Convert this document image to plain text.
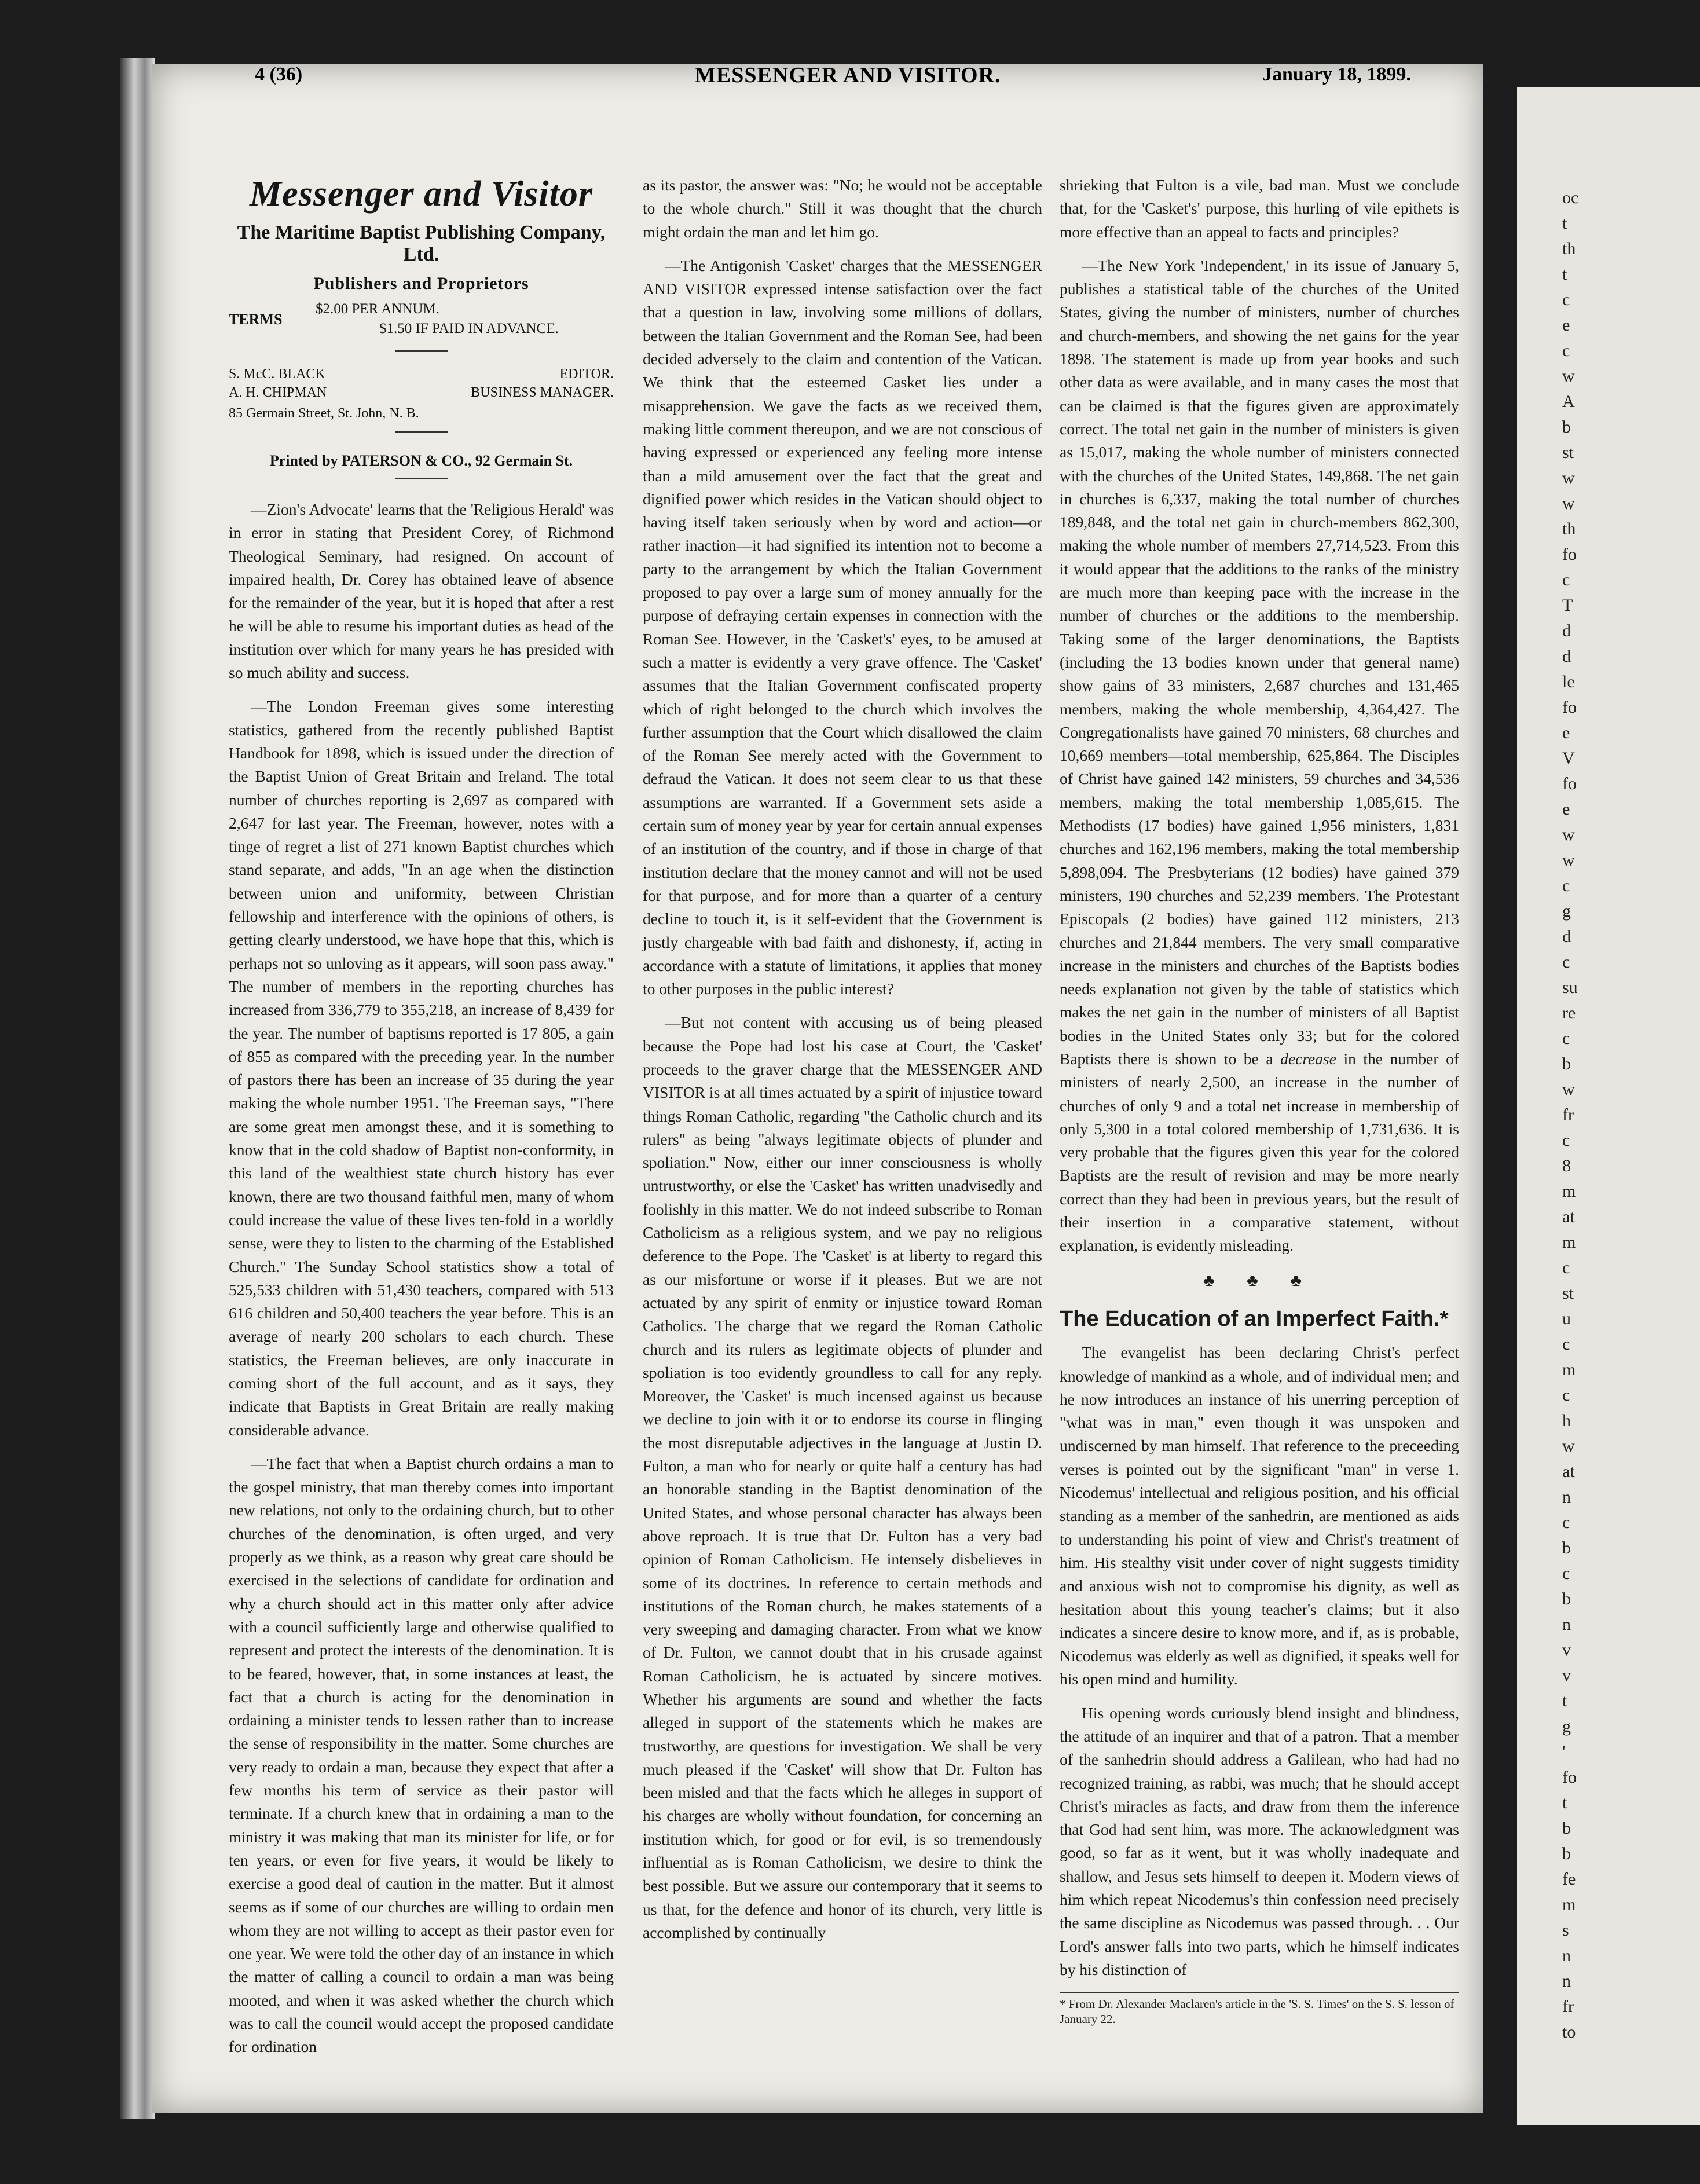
oc
t
th
t
c
e
c
w
A
b
st
w
w
th
fo
c
T
d
d
le
fo
e
V
fo
e
w
w
c
g
d
c
su
re
c
b
w
fr
c
8
m
at
m
c
st
u
c
m
c
h
w
at
n
c
b
c
b
n
v
v
t
g
'
fo
t
b
b
fe
m
s
n
n
fr
to
4 (36)	MESSENGER AND VISITOR.	January 18, 1899.
Messenger and Visitor
The Maritime Baptist Publishing Company, Ltd.
Publishers and Proprietors
TERMS
$2.00 PER ANNUM.
$1.50 IF PAID IN ADVANCE.
S. McC. BLACK	EDITOR.
A. H. CHIPMAN	BUSINESS MANAGER.
85 Germain Street, St. John, N. B.
Printed by PATERSON & CO., 92 Germain St.

—Zion's Advocate' learns that the 'Religious Herald' was in error in stating that President Corey, of Richmond Theological Seminary, had resigned. On account of impaired health, Dr. Corey has obtained leave of absence for the remainder of the year, but it is hoped that after a rest he will be able to resume his important duties as head of the institution over which for many years he has presided with so much ability and success.

—The London Freeman gives some interesting statistics, gathered from the recently published Baptist Handbook for 1898, which is issued under the direction of the Baptist Union of Great Britain and Ireland. The total number of churches reporting is 2,697 as compared with 2,647 for last year. The Freeman, however, notes with a tinge of regret a list of 271 known Baptist churches which stand separate, and adds, "In an age when the distinction between union and uniformity, between Christian fellowship and interference with the opinions of others, is getting clearly understood, we have hope that this, which is perhaps not so unloving as it appears, will soon pass away." The number of members in the reporting churches has increased from 336,779 to 355,218, an increase of 8,439 for the year. The number of baptisms reported is 17 805, a gain of 855 as compared with the preceding year. In the number of pastors there has been an increase of 35 during the year making the whole number 1951. The Freeman says, "There are some great men amongst these, and it is something to know that in the cold shadow of Baptist non-conformity, in this land of the wealthiest state church history has ever known, there are two thousand faithful men, many of whom could increase the value of these lives ten-fold in a worldly sense, were they to listen to the charming of the Established Church." The Sunday School statistics show a total of 525,533 children with 51,430 teachers, compared with 513 616 children and 50,400 teachers the year before. This is an average of nearly 200 scholars to each church. These statistics, the Freeman believes, are only inaccurate in coming short of the full account, and as it says, they indicate that Baptists in Great Britain are really making considerable advance.

—The fact that when a Baptist church ordains a man to the gospel ministry, that man thereby comes into important new relations, not only to the ordaining church, but to other churches of the denomination, is often urged, and very properly as we think, as a reason why great care should be exercised in the selections of candidate for ordination and why a church should act in this matter only after advice with a council sufficiently large and otherwise qualified to represent and protect the interests of the denomination. It is to be feared, however, that, in some instances at least, the fact that a church is acting for the denomination in ordaining a minister tends to lessen rather than to increase the sense of responsibility in the matter. Some churches are very ready to ordain a man, because they expect that after a few months his term of service as their pastor will terminate. If a church knew that in ordaining a man to the ministry it was making that man its minister for life, or for ten years, or even for five years, it would be likely to exercise a good deal of caution in the matter. But it almost seems as if some of our churches are willing to ordain men whom they are not willing to accept as their pastor even for one year. We were told the other day of an instance in which the matter of calling a council to ordain a man was being mooted, and when it was asked whether the church which was to call the council would accept the proposed candidate for ordination

as its pastor, the answer was: "No; he would not be acceptable to the whole church." Still it was thought that the church might ordain the man and let him go.

—The Antigonish 'Casket' charges that the MESSENGER AND VISITOR expressed intense satisfaction over the fact that a question in law, involving some millions of dollars, between the Italian Government and the Roman See, had been decided adversely to the claim and contention of the Vatican. We think that the esteemed Casket lies under a misapprehension. We gave the facts as we received them, making little comment thereupon, and we are not conscious of having expressed or experienced any feeling more intense than a mild amusement over the fact that the great and dignified power which resides in the Vatican should object to having itself taken seriously when by word and action—or rather inaction—it had signified its intention not to become a party to the arrangement by which the Italian Government proposed to pay over a large sum of money annually for the purpose of defraying certain expenses in connection with the Roman See. However, in the 'Casket's' eyes, to be amused at such a matter is evidently a very grave offence. The 'Casket' assumes that the Italian Government confiscated property which of right belonged to the church which involves the further assumption that the Court which disallowed the claim of the Roman See merely acted with the Government to defraud the Vatican. It does not seem clear to us that these assumptions are warranted. If a Government sets aside a certain sum of money year by year for certain annual expenses of an institution of the country, and if those in charge of that institution declare that the money cannot and will not be used for that purpose, and for more than a quarter of a century decline to touch it, is it self-evident that the Government is justly chargeable with bad faith and dishonesty, if, acting in accordance with a statute of limitations, it applies that money to other purposes in the public interest?

—But not content with accusing us of being pleased because the Pope had lost his case at Court, the 'Casket' proceeds to the graver charge that the MESSENGER AND VISITOR is at all times actuated by a spirit of injustice toward things Roman Catholic, regarding "the Catholic church and its rulers" as being "always legitimate objects of plunder and spoliation." Now, either our inner consciousness is wholly untrustworthy, or else the 'Casket' has written unadvisedly and foolishly in this matter. We do not indeed subscribe to Roman Catholicism as a religious system, and we pay no religious deference to the Pope. The 'Casket' is at liberty to regard this as our misfortune or worse if it pleases. But we are not actuated by any spirit of enmity or injustice toward Roman Catholics. The charge that we regard the Roman Catholic church and its rulers as legitimate objects of plunder and spoliation is too evidently groundless to call for any reply. Moreover, the 'Casket' is much incensed against us because we decline to join with it or to endorse its course in flinging the most disreputable adjectives in the language at Justin D. Fulton, a man who for nearly or quite half a century has had an honorable standing in the Baptist denomination of the United States, and whose personal character has always been above reproach. It is true that Dr. Fulton has a very bad opinion of Roman Catholicism. He intensely disbelieves in some of its doctrines. In reference to certain methods and institutions of the Roman church, he makes statements of a very sweeping and damaging character. From what we know of Dr. Fulton, we cannot doubt that in his crusade against Roman Catholicism, he is actuated by sincere motives. Whether his arguments are sound and whether the facts alleged in support of the statements which he makes are trustworthy, are questions for investigation. We shall be very much pleased if the 'Casket' will show that Dr. Fulton has been misled and that the facts which he alleges in support of his charges are wholly without foundation, for concerning an institution which, for good or for evil, is so tremendously influential as is Roman Catholicism, we desire to think the best possible. But we assure our contemporary that it seems to us that, for the defence and honor of its church, very little is accomplished by continually

shrieking that Fulton is a vile, bad man. Must we conclude that, for the 'Casket's' purpose, this hurling of vile epithets is more effective than an appeal to facts and principles?

—The New York 'Independent,' in its issue of January 5, publishes a statistical table of the churches of the United States, giving the number of ministers, number of churches and church-members, and showing the net gains for the year 1898. The statement is made up from year books and such other data as were available, and in many cases the most that can be claimed is that the figures given are approximately correct. The total net gain in the number of ministers is given as 15,017, making the whole number of ministers connected with the churches of the United States, 149,868. The net gain in churches is 6,337, making the total number of churches 189,848, and the total net gain in church-members 862,300, making the whole number of members 27,714,523. From this it would appear that the additions to the ranks of the ministry are much more than keeping pace with the increase in the number of churches or the additions to the membership. Taking some of the larger denominations, the Baptists (including the 13 bodies known under that general name) show gains of 33 ministers, 2,687 churches and 131,465 members, making the whole membership, 4,364,427. The Congregationalists have gained 70 ministers, 68 churches and 10,669 members—total membership, 625,864. The Disciples of Christ have gained 142 ministers, 59 churches and 34,536 members, making the total membership 1,085,615. The Methodists (17 bodies) have gained 1,956 ministers, 1,831 churches and 162,196 members, making the total membership 5,898,094. The Presbyterians (12 bodies) have gained 379 ministers, 190 churches and 52,239 members. The Protestant Episcopals (2 bodies) have gained 112 ministers, 213 churches and 21,844 members. The very small comparative increase in the ministers and churches of the Baptists bodies needs explanation not given by the table of statistics which makes the net gain in the number of ministers of all Baptist bodies in the United States only 33; but for the colored Baptists there is shown to be a decrease in the number of ministers of nearly 2,500, an increase in the number of churches of only 9 and a total net increase in membership of only 5,300 in a total colored membership of 1,731,636. It is very probable that the figures given this year for the colored Baptists are the result of revision and may be more nearly correct than they had been in previous years, but the result of their insertion in a comparative statement, without explanation, is evidently misleading.

♣ ♣ ♣
The Education of an Imperfect Faith.*

The evangelist has been declaring Christ's perfect knowledge of mankind as a whole, and of individual men; and he now introduces an instance of his unerring perception of "what was in man," even though it was unspoken and undiscerned by man himself. That reference to the preceeding verses is pointed out by the significant "man" in verse 1. Nicodemus' intellectual and religious position, and his official standing as a member of the sanhedrin, are mentioned as aids to understanding his point of view and Christ's treatment of him. His stealthy visit under cover of night suggests timidity and anxious wish not to compromise his dignity, as well as hesitation about this young teacher's claims; but it also indicates a sincere desire to know more, and if, as is probable, Nicodemus was elderly as well as dignified, it speaks well for his open mind and humility.

His opening words curiously blend insight and blindness, the attitude of an inquirer and that of a patron. That a member of the sanhedrin should address a Galilean, who had had no recognized training, as rabbi, was much; that he should accept Christ's miracles as facts, and draw from them the inference that God had sent him, was more. The acknowledgment was good, so far as it went, but it was wholly inadequate and shallow, and Jesus sets himself to deepen it. Modern views of him which repeat Nicodemus's thin confession need precisely the same discipline as Nicodemus was passed through. . . Our Lord's answer falls into two parts, which he himself indicates by his distinction of

* From Dr. Alexander Maclaren's article in the 'S. S. Times' on the S. S. lesson of January 22.
